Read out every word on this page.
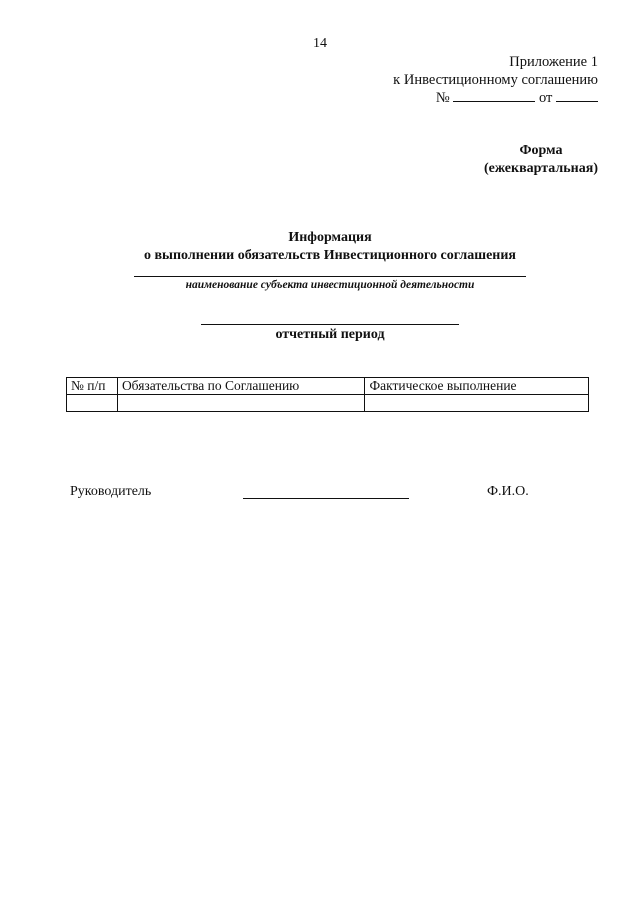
14
Приложение 1
к Инвестиционному соглашению
№	от
Форма
(ежеквартальная)
Информация
о выполнении обязательств Инвестиционного соглашения
наименование субъекта инвестиционной деятельности
отчетный период
№ п/п	Обязательства по Соглашению	Фактическое выполнение

Руководитель	Ф.И.О.
